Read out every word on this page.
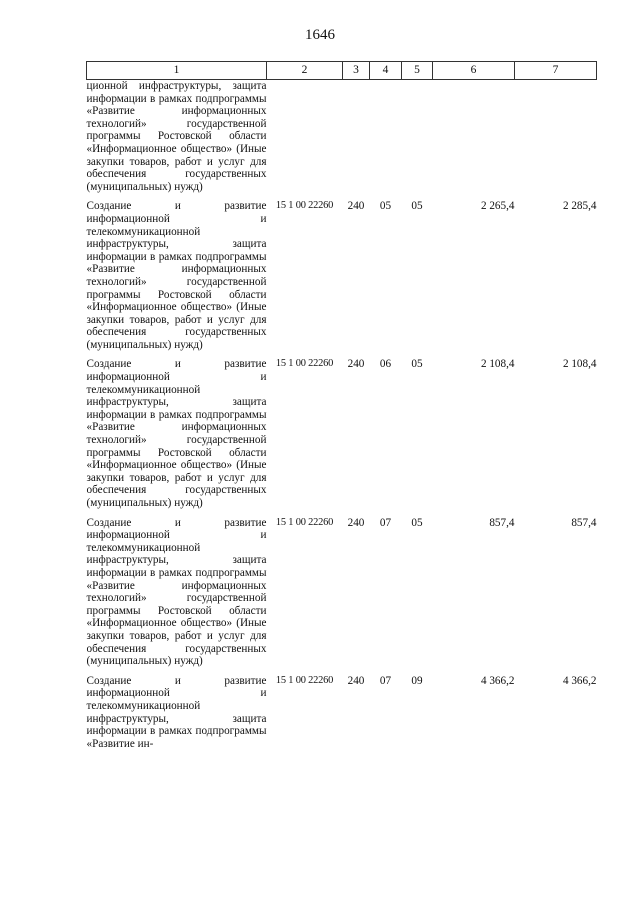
1646
1	2	3	4	5	6	7

ционной инфраструктуры, защита информации в рамках подпрограммы «Развитие информационных технологий» государственной программы Ростовской области «Информационное общество» (Иные закупки товаров, работ и услуг для обеспечения государственных (муниципальных) нужд)						

Создание и развитие информационной и телекоммуникационной инфраструктуры, защита информации в рамках подпрограммы «Развитие информационных технологий» государственной программы Ростовской области «Информационное общество» (Иные закупки товаров, работ и услуг для обеспечения государственных (муниципальных) нужд)	15 1 00 22260	240	05	05	2 265,4	2 285,4

Создание и развитие информационной и телекоммуникационной инфраструктуры, защита информации в рамках подпрограммы «Развитие информационных технологий» государственной программы Ростовской области «Информационное общество» (Иные закупки товаров, работ и услуг для обеспечения государственных (муниципальных) нужд)	15 1 00 22260	240	06	05	2 108,4	2 108,4

Создание и развитие информационной и телекоммуникационной инфраструктуры, защита информации в рамках подпрограммы «Развитие информационных технологий» государственной программы Ростовской области «Информационное общество» (Иные закупки товаров, работ и услуг для обеспечения государственных (муниципальных) нужд)	15 1 00 22260	240	07	05	857,4	857,4

Создание и развитие информационной и телекоммуникационной инфраструктуры, защита информации в рамках подпрограммы «Развитие ин-	15 1 00 22260	240	07	09	4 366,2	4 366,2
